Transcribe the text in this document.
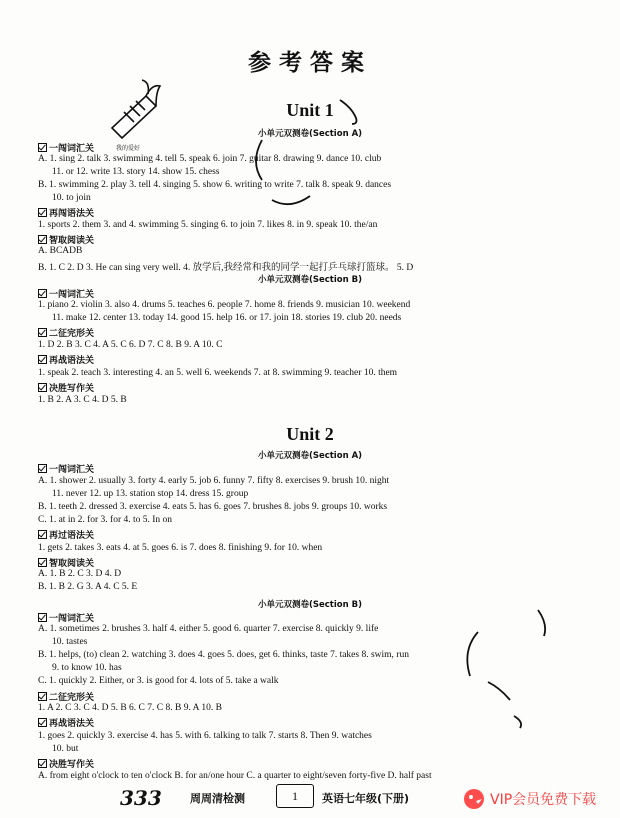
参考答案
我的爱好
Unit 1
小单元双测卷(Section A)
一闯词汇关
A. 1. sing 2. talk 3. swimming 4. tell 5. speak 6. join 7. guitar 8. drawing 9. dance 10. club
11. or 12. write 13. story 14. show 15. chess
B. 1. swimming 2. play 3. tell 4. singing 5. show 6. writing to write 7. talk 8. speak 9. dances
10. to join
再闯语法关
1. sports 2. them 3. and 4. swimming 5. singing 6. to join 7. likes 8. in 9. speak 10. the/an
智取阅读关
A. BCADB
B. 1. C 2. D 3. He can sing very well. 4. 放学后,我经常和我的同学一起打乒乓球打篮球。 5. D
小单元双测卷(Section B)
一闯词汇关
1. piano 2. violin 3. also 4. drums 5. teaches 6. people 7. home 8. friends 9. musician 10. weekend
11. make 12. center 13. today 14. good 15. help 16. or 17. join 18. stories 19. club 20. needs
二征完形关
1. D 2. B 3. C 4. A 5. C 6. D 7. C 8. B 9. A 10. C
再战语法关
1. speak 2. teach 3. interesting 4. an 5. well 6. weekends 7. at 8. swimming 9. teacher 10. them
决胜写作关
1. B 2. A 3. C 4. D 5. B
Unit 2
小单元双测卷(Section A)
一闯词汇关
A. 1. shower 2. usually 3. forty 4. early 5. job 6. funny 7. fifty 8. exercises 9. brush 10. night
11. never 12. up 13. station stop 14. dress 15. group
B. 1. teeth 2. dressed 3. exercise 4. eats 5. has 6. goes 7. brushes 8. jobs 9. groups 10. works
C. 1. at in 2. for 3. for 4. to 5. In on
再过语法关
1. gets 2. takes 3. eats 4. at 5. goes 6. is 7. does 8. finishing 9. for 10. when
智取阅读关
A. 1. B 2. C 3. D 4. D
B. 1. B 2. G 3. A 4. C 5. E
小单元双测卷(Section B)
一闯词汇关
A. 1. sometimes 2. brushes 3. half 4. either 5. good 6. quarter 7. exercise 8. quickly 9. life
10. tastes
B. 1. helps, (to) clean 2. watching 3. does 4. goes 5. does, get 6. thinks, taste 7. takes 8. swim, run
9. to know 10. has
C. 1. quickly 2. Either, or 3. is good for 4. lots of 5. take a walk
二征完形关
1. A 2. C 3. C 4. D 5. B 6. C 7. C 8. B 9. A 10. B
再战语法关
1. goes 2. quickly 3. exercise 4. has 5. with 6. talking to talk 7. starts 8. Then 9. watches
10. but
决胜写作关
A. from eight o'clock to ten o'clock B. for an/one hour C. a quarter to eight/seven forty-five D. half past
333	周周清检测	1	英语七年级(下册)	VIP会员免费下载
